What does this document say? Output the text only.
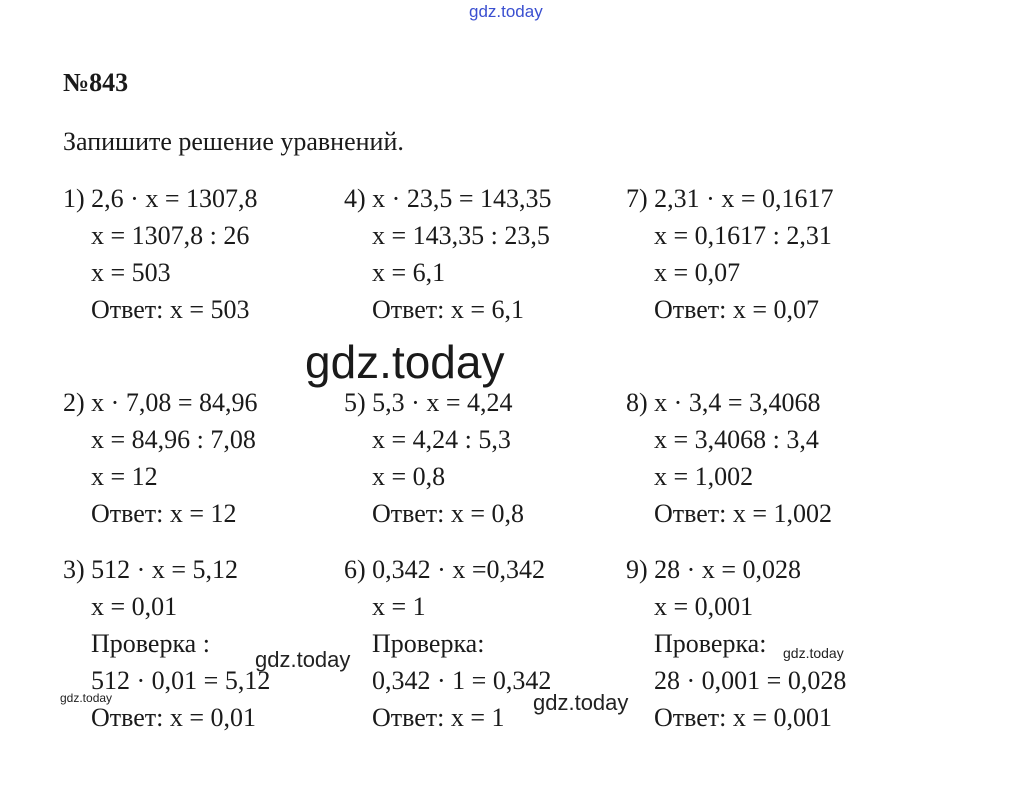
gdz.today
№843
Запишите решение уравнений.
1) 2,6 · x = 1307,8
x = 1307,8 : 26
x = 503
Ответ: x = 503
4) x · 23,5 = 143,35
x = 143,35 : 23,5
x = 6,1
Ответ: x = 6,1
7) 2,31 · x = 0,1617
x = 0,1617 : 2,31
x = 0,07
Ответ: x = 0,07
2) x · 7,08 = 84,96
x = 84,96 : 7,08
x = 12
Ответ: x = 12
5) 5,3 · x = 4,24
x = 4,24 : 5,3
x = 0,8
Ответ: x = 0,8
8) x · 3,4 = 3,4068
x = 3,4068 : 3,4
x = 1,002
Ответ: x = 1,002
3) 512 · x = 5,12
x = 0,01
Проверка :
512 · 0,01 = 5,12
Ответ: x = 0,01
6) 0,342 · x =0,342
x = 1
Проверка:
0,342 · 1 = 0,342
Ответ: x = 1
9) 28 · x = 0,028
x = 0,001
Проверка:
28 · 0,001 = 0,028
Ответ: x = 0,001
gdz.today
gdz.today
gdz.today
gdz.today
gdz.today
